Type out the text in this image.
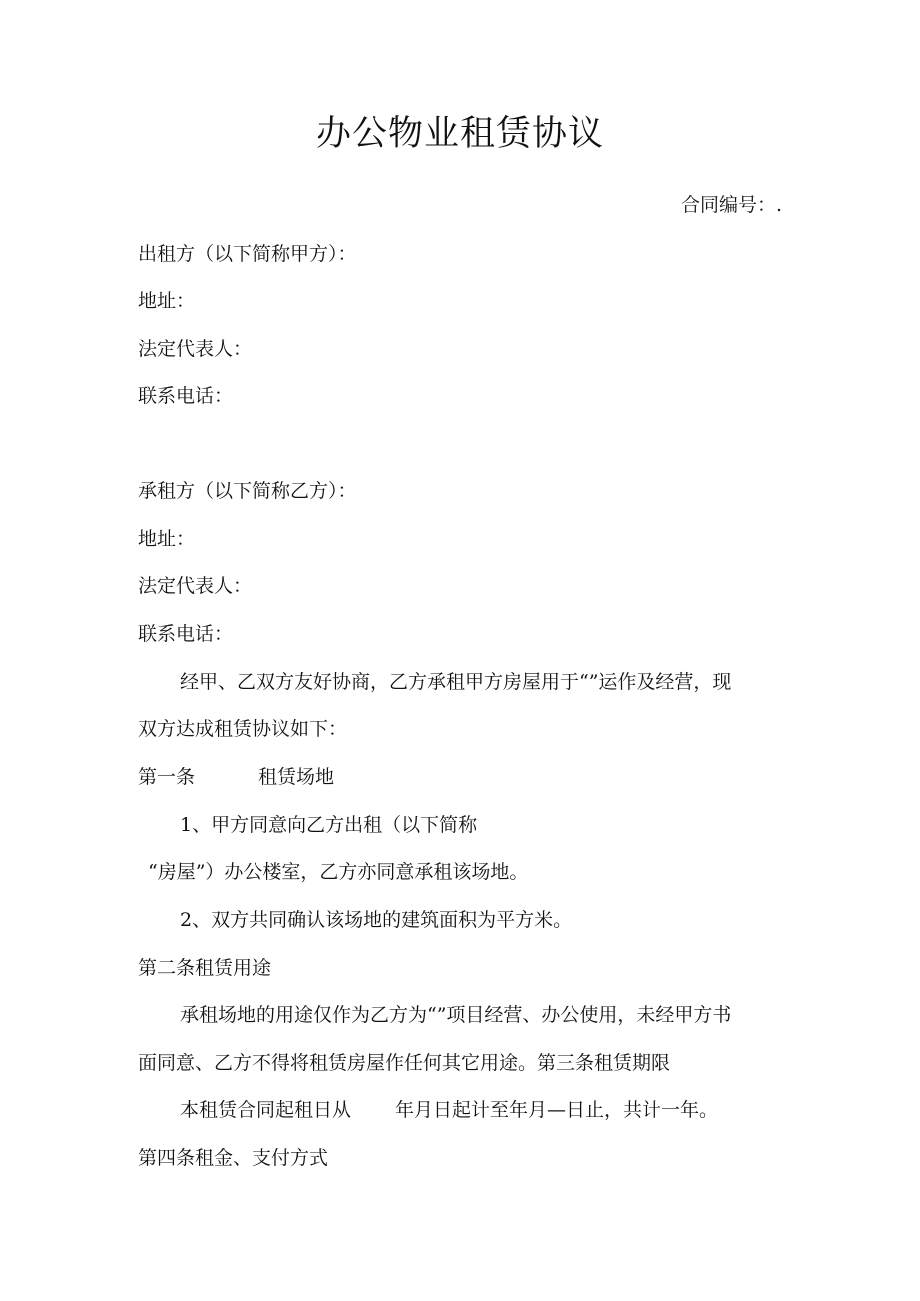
办公物业租赁协议
合同编号：.
出租方（以下简称甲方）：
地址：
法定代表人：
联系电话：
承租方（以下简称乙方）：
地址：
法定代表人：
联系电话：
经甲、乙双方友好协商，乙方承租甲方房屋用于“”运作及经营，现
双方达成租赁协议如下：
第一条	租赁场地
1、甲方同意向乙方出租（以下简称
“房屋”）办公楼室，乙方亦同意承租该场地。
2、双方共同确认该场地的建筑面积为平方米。
第二条租赁用途
承租场地的用途仅作为乙方为“”项目经营、办公使用，未经甲方书
面同意、乙方不得将租赁房屋作任何其它用途。第三条租赁期限
本租赁合同起租日从 年月日起计至年月—日止，共计一年。
第四条租金、支付方式
